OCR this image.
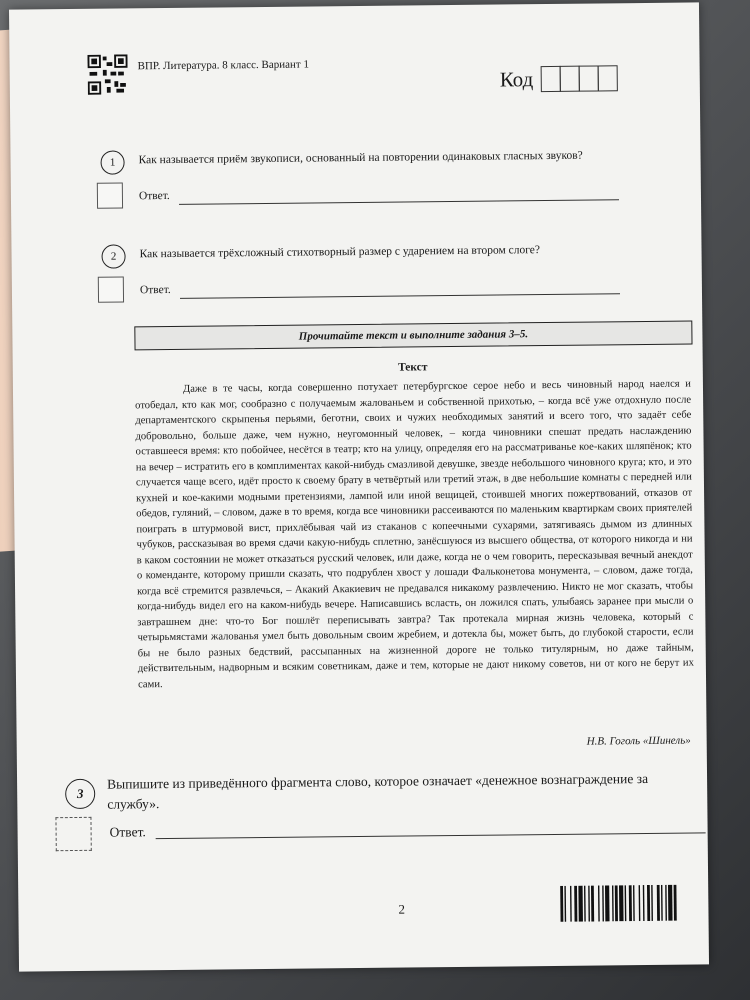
ВПР. Литература. 8 класс. Вариант 1
Код
1	Как называется приём звукописи, основанный на повторении одинаковых гласных звуков?
Ответ.
2	Как называется трёхсложный стихотворный размер с ударением на втором слоге?
Ответ.
Прочитайте текст и выполните задания 3–5.
Текст

Даже в те часы, когда совершенно потухает петербургское серое небо и весь чиновный народ наелся и отобедал, кто как мог, сообразно с получаемым жалованьем и собственной прихотью, – когда всё уже отдохнуло после департаментского скрыпенья перьями, беготни, своих и чужих необходимых занятий и всего того, что задаёт себе добровольно, больше даже, чем нужно, неугомонный человек, – когда чиновники спешат предать наслаждению оставшееся время: кто побойчее, несётся в театр; кто на улицу, определяя его на рассматриванье кое-каких шляпёнок; кто на вечер – истратить его в комплиментах какой-нибудь смазливой девушке, звезде небольшого чиновного круга; кто, и это случается чаще всего, идёт просто к своему брату в четвёртый или третий этаж, в две небольшие комнаты с передней или кухней и кое-какими модными претензиями, лампой или иной вещицей, стоившей многих пожертвований, отказов от обедов, гуляний, – словом, даже в то время, когда все чиновники рассеиваются по маленьким квартиркам своих приятелей поиграть в штурмовой вист, прихлёбывая чай из стаканов с копеечными сухарями, затягиваясь дымом из длинных чубуков, рассказывая во время сдачи какую-нибудь сплетню, занёсшуюся из высшего общества, от которого никогда и ни в каком состоянии не может отказаться русский человек, или даже, когда не о чем говорить, пересказывая вечный анекдот о коменданте, которому пришли сказать, что подрублен хвост у лошади Фальконетова монумента, – словом, даже тогда, когда всё стремится развлечься, – Акакий Акакиевич не предавался никакому развлечению. Никто не мог сказать, чтобы когда-нибудь видел его на каком-нибудь вечере. Написавшись всласть, он ложился спать, улыбаясь заранее при мысли о завтрашнем дне: что-то Бог пошлёт переписывать завтра? Так протекала мирная жизнь человека, который с четырьмястами жалованья умел быть довольным своим жребием, и дотекла бы, может быть, до глубокой старости, если бы не было разных бедствий, рассыпанных на жизненной дороге не только титулярным, но даже тайным, действительным, надворным и всяким советникам, даже и тем, которые не дают никому советов, ни от кого не берут их сами.

Н.В. Гоголь «Шинель»
3
Выпишите из приведённого фрагмента слово, которое означает «денежное вознаграждение за службу».
Ответ.
2
